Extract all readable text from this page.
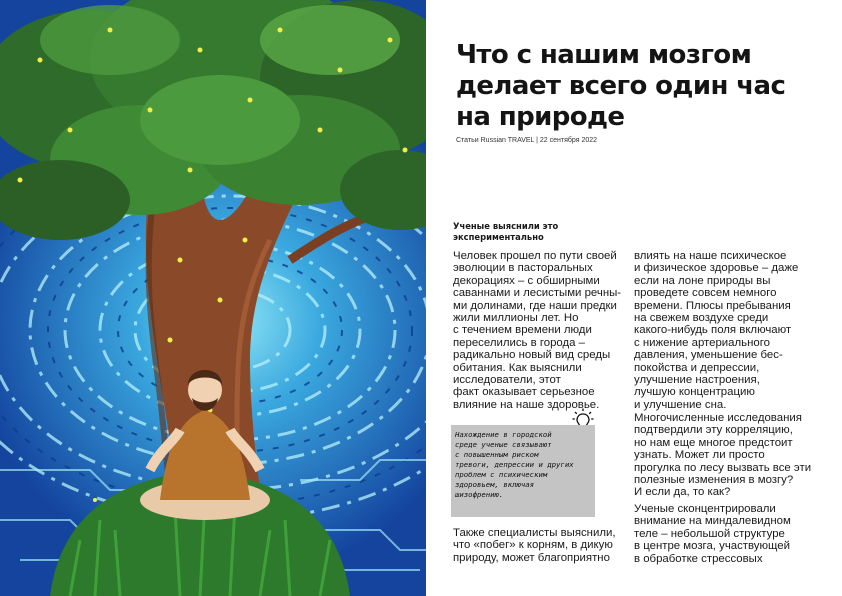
Что с нашим мозгом делает всего один час на природе
Статьи Russian TRAVEL | 22 сентября 2022
Ученые выяснили это экспериментально

Человек прошел по пути своей
эволюции в пасторальных
декорациях – с обширными
саваннами и лесистыми речны-
ми долинами, где наши предки
жили миллионы лет. Но
с течением времени люди
переселились в города –
радикально новый вид среды
обитания. Как выяснили
исследователи, этот
факт оказывает серьезное
влияние на наше здоровье.

Нахождение в городской
среде ученые связывают
с повышенным риском
тревоги, депрессии и других
проблем с психическим
здоровьем, включая
шизофрению.

Также специалисты выяснили,
что «побег» к корням, в дикую
природу, может благоприятно

влиять на наше психическое
и физическое здоровье – даже
если на лоне природы вы
проведете совсем немного
времени. Плюсы пребывания
на свежем воздухе среди
какого-нибудь поля включают
с нижение артериального
давления, уменьшение бес-
покойства и депрессии,
улучшение настроения,
лучшую концентрацию
и улучшение сна.

Многочисленные исследования
подтвердили эту корреляцию,
но нам еще многое предстоит
узнать. Может ли просто
прогулка по лесу вызвать все эти
полезные изменения в мозгу?
И если да, то как?

Ученые сконцентрировали
внимание на миндалевидном
теле – небольшой структуре
в центре мозга, участвующей
в обработке стрессовых
